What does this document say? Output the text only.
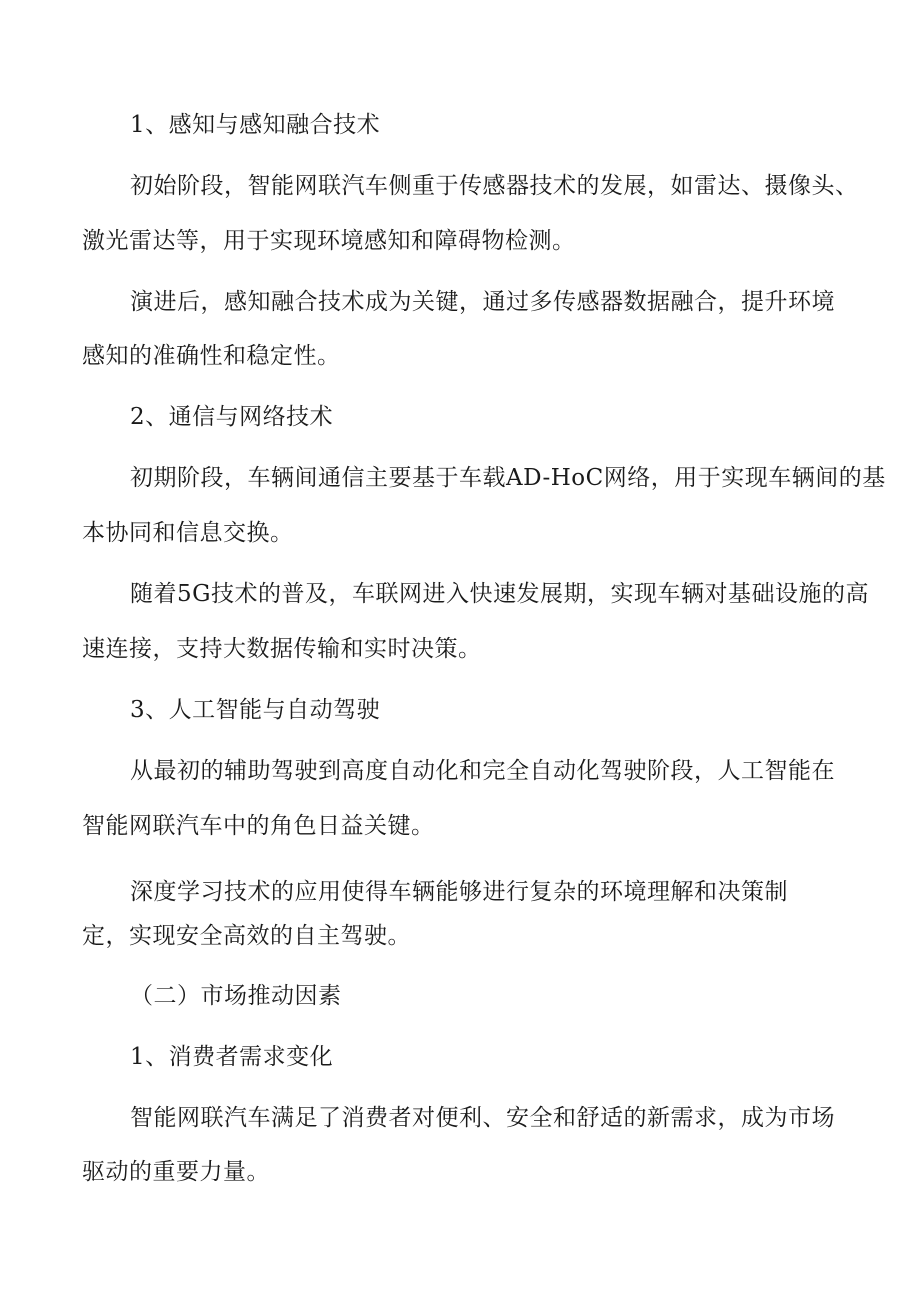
1、感知与感知融合技术
初始阶段，智能网联汽车侧重于传感器技术的发展，如雷达、摄像头、
激光雷达等，用于实现环境感知和障碍物检测。
演进后，感知融合技术成为关键，通过多传感器数据融合，提升环境
感知的准确性和稳定性。
2、通信与网络技术
初期阶段，车辆间通信主要基于车载AD-HoC网络，用于实现车辆间的基
本协同和信息交换。
随着5G技术的普及，车联网进入快速发展期，实现车辆对基础设施的高
速连接，支持大数据传输和实时决策。
3、人工智能与自动驾驶
从最初的辅助驾驶到高度自动化和完全自动化驾驶阶段，人工智能在
智能网联汽车中的角色日益关键。
深度学习技术的应用使得车辆能够进行复杂的环境理解和决策制
定，实现安全高效的自主驾驶。
（二）市场推动因素
1、消费者需求变化
智能网联汽车满足了消费者对便利、安全和舒适的新需求，成为市场
驱动的重要力量。
